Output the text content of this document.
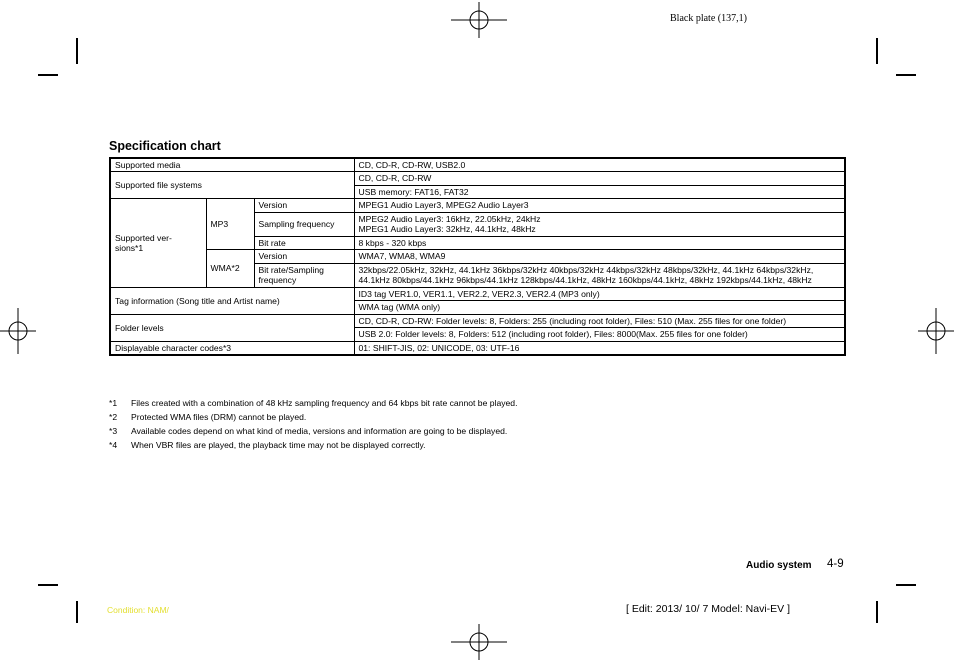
Black plate (137,1)
Specification chart
Supported media			CD, CD-R, CD-RW, USB2.0
Supported file systems			CD, CD-R, CD-RW
			USB memory: FAT16, FAT32
Supported ver-
sions*1	MP3	Version	MPEG1 Audio Layer3, MPEG2 Audio Layer3
		Sampling frequency	MPEG2 Audio Layer3: 16kHz, 22.05kHz, 24kHz
MPEG1 Audio Layer3: 32kHz, 44.1kHz, 48kHz
		Bit rate	8 kbps - 320 kbps
	WMA*2	Version	WMA7, WMA8, WMA9
		Bit rate/Sampling
frequency	32kbps/22.05kHz, 32kHz, 44.1kHz 36kbps/32kHz 40kbps/32kHz 44kbps/32kHz 48kbps/32kHz, 44.1kHz 64kbps/32kHz, 44.1kHz 80kbps/44.1kHz 96kbps/44.1kHz 128kbps/44.1kHz, 48kHz 160kbps/44.1kHz, 48kHz 192kbps/44.1kHz, 48kHz
Tag information (Song title and Artist name)			ID3 tag VER1.0, VER1.1, VER2.2, VER2.3, VER2.4 (MP3 only)
			WMA tag (WMA only)
Folder levels			CD, CD-R, CD-RW: Folder levels: 8, Folders: 255 (including root folder), Files: 510 (Max. 255 files for one folder)
			USB 2.0: Folder levels: 8, Folders: 512 (including root folder), Files: 8000(Max. 255 files for one folder)
Displayable character codes*3			01: SHIFT-JIS, 02: UNICODE, 03: UTF-16
*1 Files created with a combination of 48 kHz sampling frequency and 64 kbps bit rate cannot be played.
*2 Protected WMA files (DRM) cannot be played.
*3 Available codes depend on what kind of media, versions and information are going to be displayed.
*4 When VBR files are played, the playback time may not be displayed correctly.
Audio system 4-9
Condition: NAM/	[ Edit: 2013/ 10/ 7 Model: Navi-EV ]
